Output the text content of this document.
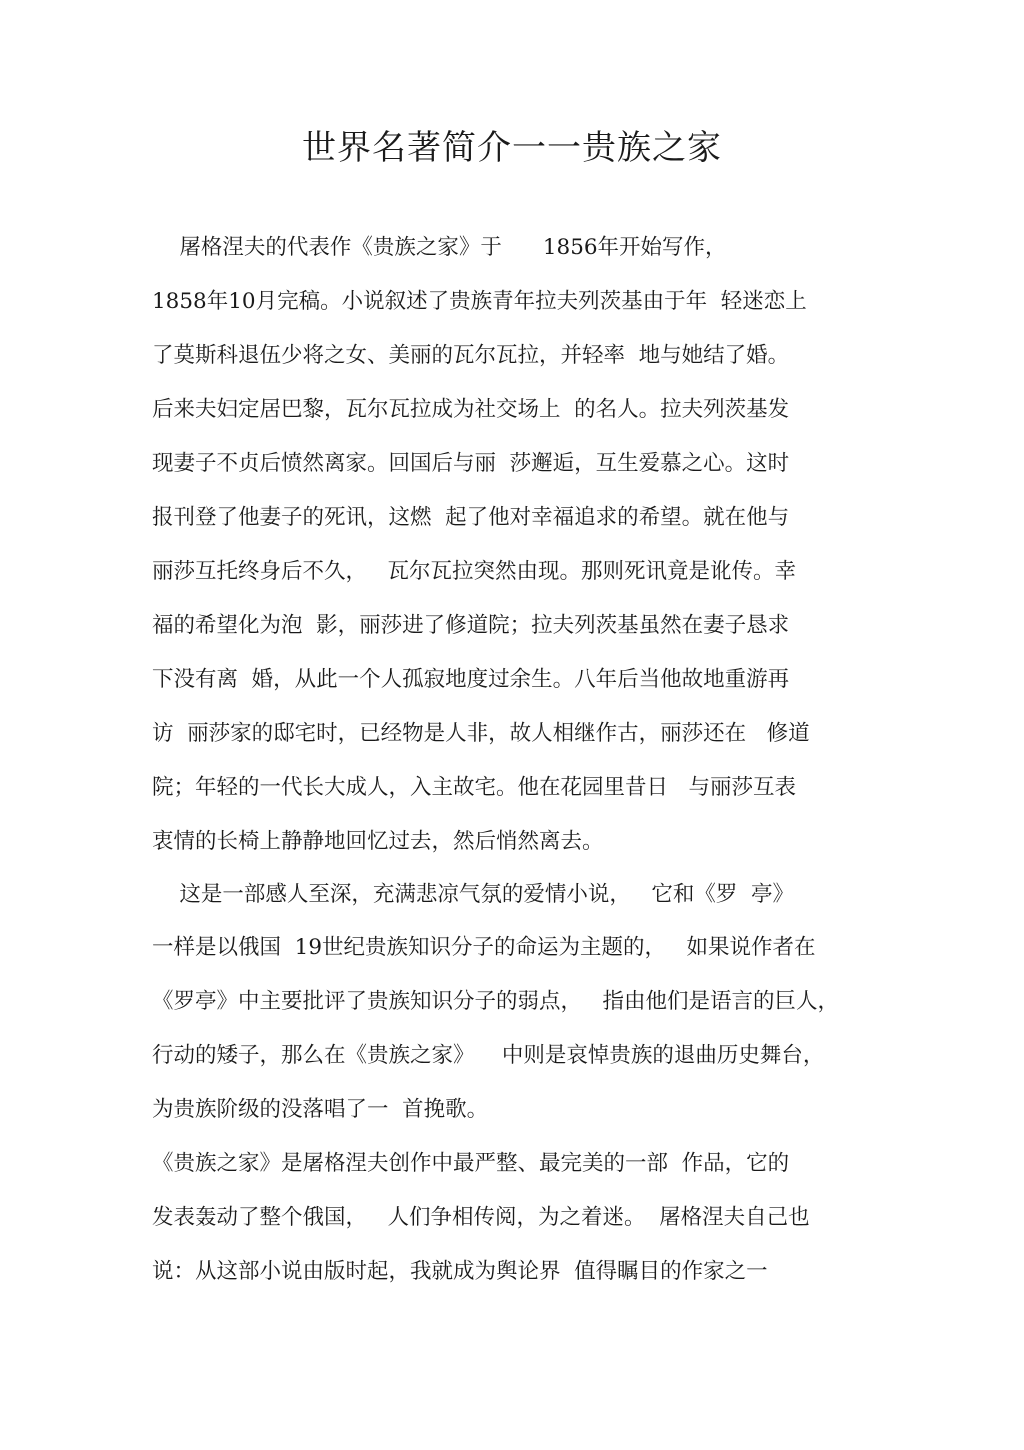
世界名著简介一一贵族之家
屠格涅夫的代表作《贵族之家》于      1856年开始写作，
1858年10月完稿。小说叙述了贵族青年拉夫列茨基由于年  轻迷恋上
了莫斯科退伍少将之女、美丽的瓦尔瓦拉，并轻率  地与她结了婚。
后来夫妇定居巴黎，瓦尔瓦拉成为社交场上  的名人。拉夫列茨基发
现妻子不贞后愤然离家。回国后与丽  莎邂逅，互生爱慕之心。这时
报刊登了他妻子的死讯，这燃  起了他对幸福追求的希望。就在他与
丽莎互托终身后不久，   瓦尔瓦拉突然由现。那则死讯竟是讹传。幸
福的希望化为泡  影，丽莎进了修道院；拉夫列茨基虽然在妻子恳求
下没有离  婚，从此一个人孤寂地度过余生。八年后当他故地重游再
访  丽莎家的邸宅时，已经物是人非，故人相继作古，丽莎还在   修道
院；年轻的一代长大成人，入主故宅。他在花园里昔日   与丽莎互表
衷情的长椅上静静地回忆过去，然后悄然离去。
这是一部感人至深，充满悲凉气氛的爱情小说，   它和《罗  亭》
一样是以俄国  19世纪贵族知识分子的命运为主题的，   如果说作者在
《罗亭》中主要批评了贵族知识分子的弱点，   指由他们是语言的巨人，
行动的矮子，那么在《贵族之家》    中则是哀悼贵族的退曲历史舞台，
为贵族阶级的没落唱了一  首挽歌。
《贵族之家》是屠格涅夫创作中最严整、最完美的一部  作品，它的
发表轰动了整个俄国，   人们争相传阅，为之着迷。  屠格涅夫自己也
说：从这部小说由版时起，我就成为舆论界  值得瞩目的作家之一
